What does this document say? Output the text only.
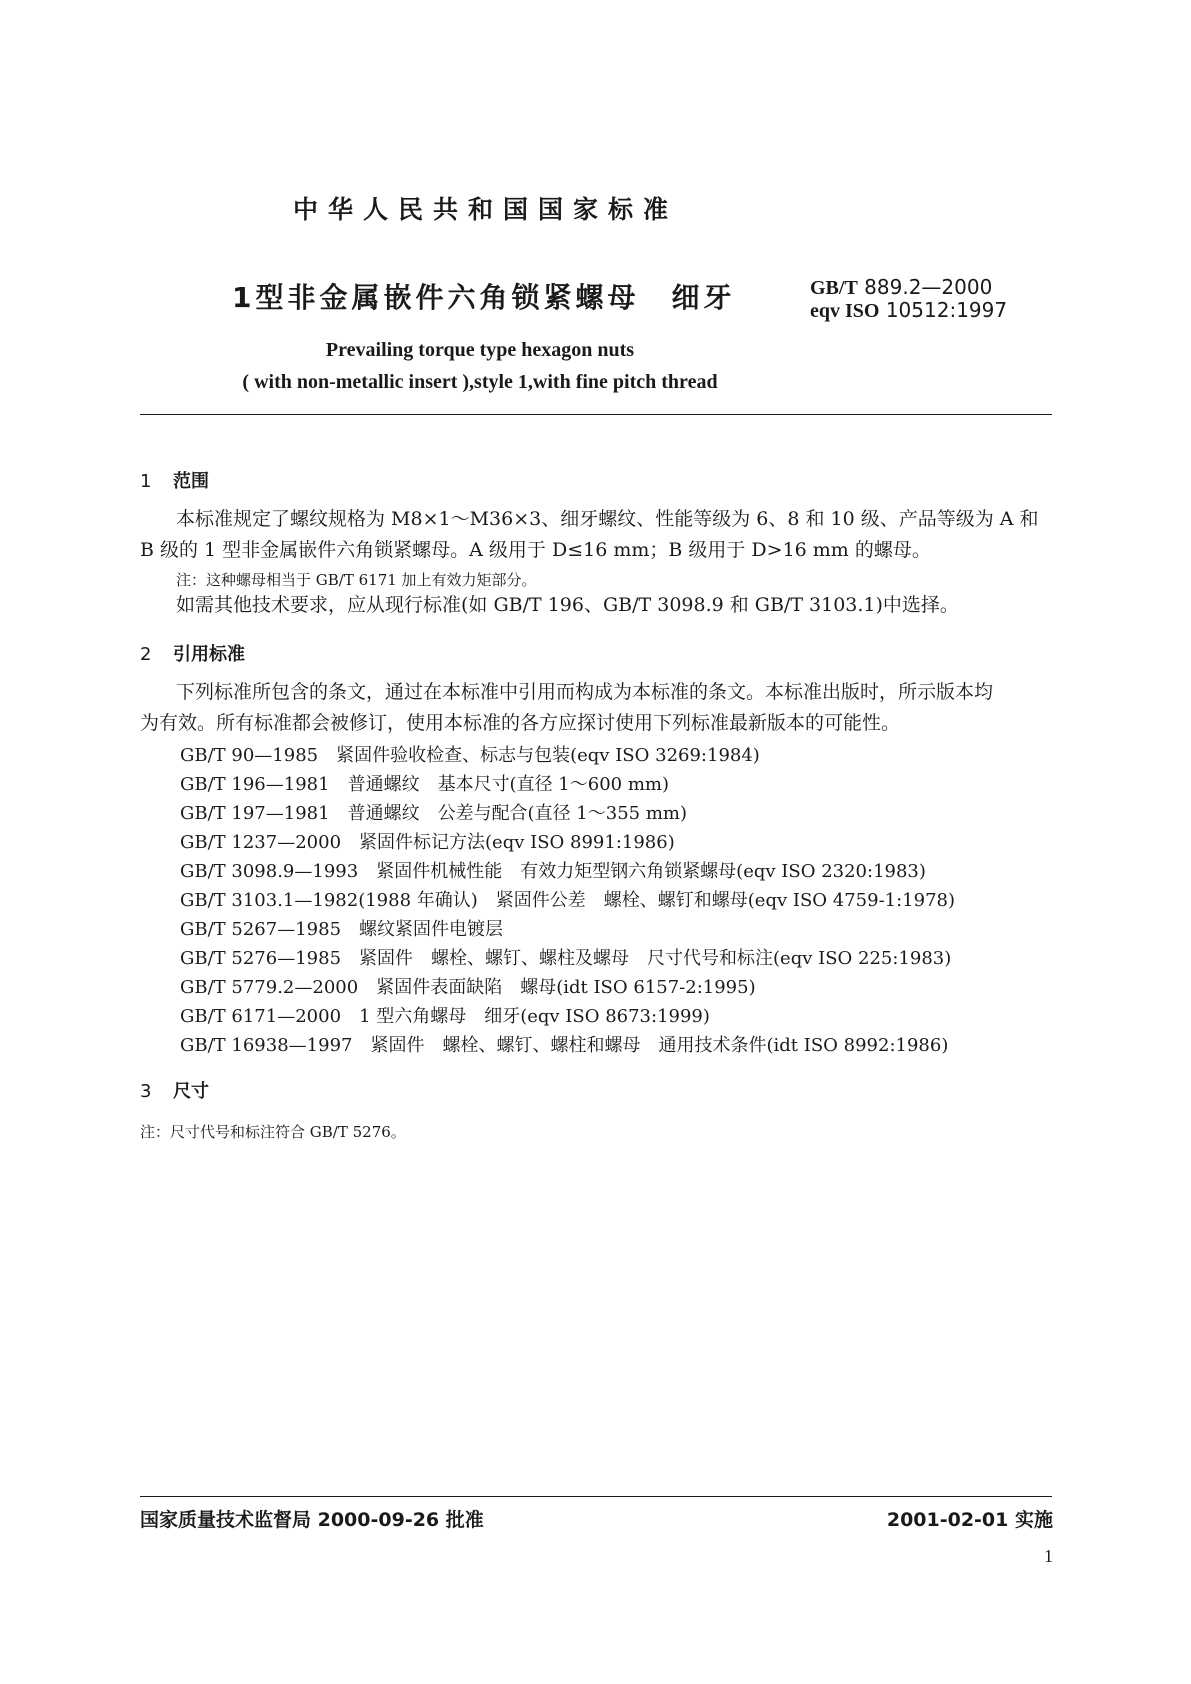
中华人民共和国国家标准
1型非金属嵌件六角锁紧螺母　细牙	GB/T 889.2—2000
eqv ISO 10512:1997
Prevailing torque type hexagon nuts
( with non-metallic insert ),style 1,with fine pitch thread
1 范围
本标准规定了螺纹规格为 M8×1～M36×3、细牙螺纹、性能等级为 6、8 和 10 级、产品等级为 A 和
B 级的 1 型非金属嵌件六角锁紧螺母。A 级用于 D≤16 mm；B 级用于 D>16 mm 的螺母。
注：这种螺母相当于 GB/T 6171 加上有效力矩部分。
如需其他技术要求，应从现行标准(如 GB/T 196、GB/T 3098.9 和 GB/T 3103.1)中选择。
2 引用标准
下列标准所包含的条文，通过在本标准中引用而构成为本标准的条文。本标准出版时，所示版本均
为有效。所有标准都会被修订，使用本标准的各方应探讨使用下列标准最新版本的可能性。
GB/T 90—1985　紧固件验收检查、标志与包装(eqv ISO 3269:1984)
GB/T 196—1981　普通螺纹　基本尺寸(直径 1～600 mm)
GB/T 197—1981　普通螺纹　公差与配合(直径 1～355 mm)
GB/T 1237—2000　紧固件标记方法(eqv ISO 8991:1986)
GB/T 3098.9—1993　紧固件机械性能　有效力矩型钢六角锁紧螺母(eqv ISO 2320:1983)
GB/T 3103.1—1982(1988 年确认)　紧固件公差　螺栓、螺钉和螺母(eqv ISO 4759-1:1978)
GB/T 5267—1985　螺纹紧固件电镀层
GB/T 5276—1985　紧固件　螺栓、螺钉、螺柱及螺母　尺寸代号和标注(eqv ISO 225:1983)
GB/T 5779.2—2000　紧固件表面缺陷　螺母(idt ISO 6157-2:1995)
GB/T 6171—2000　1 型六角螺母　细牙(eqv ISO 8673:1999)
GB/T 16938—1997　紧固件　螺栓、螺钉、螺柱和螺母　通用技术条件(idt ISO 8992:1986)
3 尺寸
注：尺寸代号和标注符合 GB/T 5276。
国家质量技术监督局 2000-09-26 批准	2001-02-01 实施
1
